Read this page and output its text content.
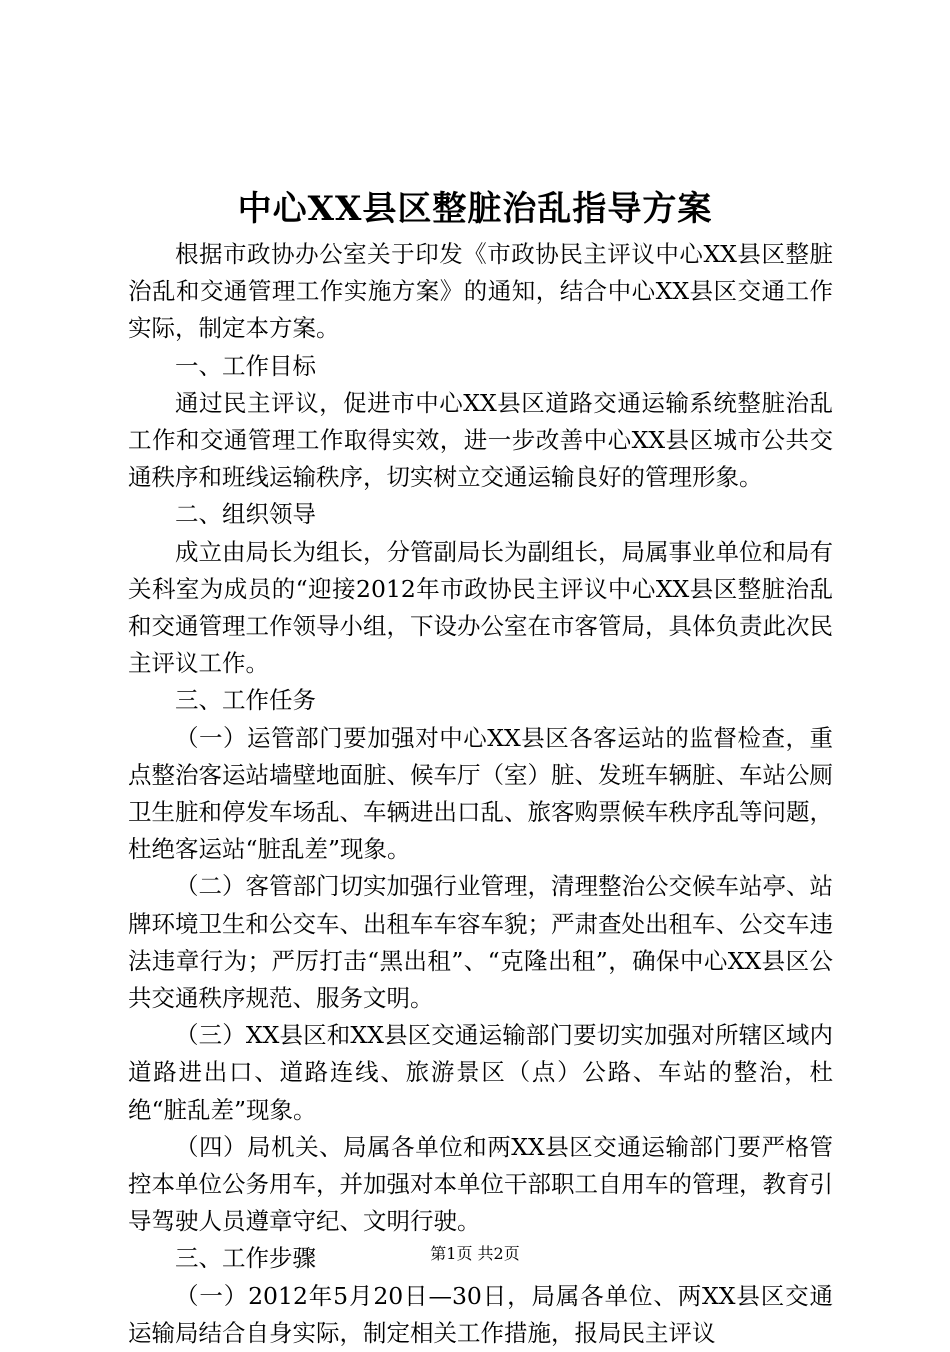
中心XX县区整脏治乱指导方案

根据市政协办公室关于印发《市政协民主评议中心XX县区整脏治乱和交通管理工作实施方案》的通知，结合中心XX县区交通工作实际，制定本方案。

一、工作目标

通过民主评议，促进市中心XX县区道路交通运输系统整脏治乱工作和交通管理工作取得实效，进一步改善中心XX县区城市公共交通秩序和班线运输秩序，切实树立交通运输良好的管理形象。

二、组织领导

成立由局长为组长，分管副局长为副组长，局属事业单位和局有关科室为成员的“迎接2012年市政协民主评议中心XX县区整脏治乱和交通管理工作领导小组，下设办公室在市客管局，具体负责此次民主评议工作。

三、工作任务

（一）运管部门要加强对中心XX县区各客运站的监督检查，重点整治客运站墙壁地面脏、候车厅（室）脏、发班车辆脏、车站公厕卫生脏和停发车场乱、车辆进出口乱、旅客购票候车秩序乱等问题，杜绝客运站“脏乱差”现象。

（二）客管部门切实加强行业管理，清理整治公交候车站亭、站牌环境卫生和公交车、出租车车容车貌；严肃查处出租车、公交车违法违章行为；严厉打击“黑出租”、“克隆出租”，确保中心XX县区公共交通秩序规范、服务文明。

（三）XX县区和XX县区交通运输部门要切实加强对所辖区域内道路进出口、道路连线、旅游景区（点）公路、车站的整治，杜绝“脏乱差”现象。

（四）局机关、局属各单位和两XX县区交通运输部门要严格管控本单位公务用车，并加强对本单位干部职工自用车的管理，教育引导驾驶人员遵章守纪、文明行驶。

三、工作步骤

（一）2012年5月20日—30日，局属各单位、两XX县区交通运输局结合自身实际，制定相关工作措施，报局民主评议

第1页 共2页
